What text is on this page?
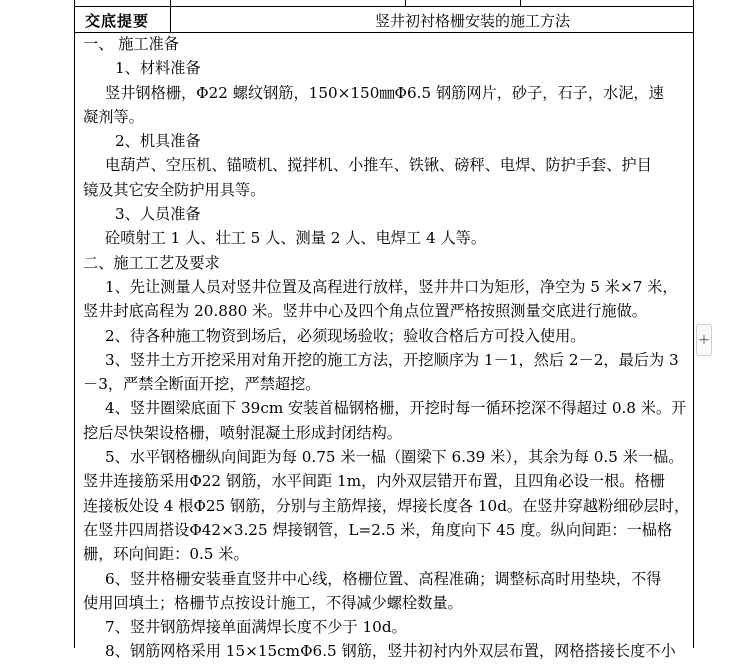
交底提要	竖井初衬格栅安装的施工方法
一、 施工准备
1、材料准备
竖井钢格栅，Φ22 螺纹钢筋，150×150㎜Φ6.5 钢筋网片，砂子，石子，水泥，速
凝剂等。
2、机具准备
电葫芦、空压机、锚喷机、搅拌机、小推车、铁锹、磅秤、电焊、防护手套、护目
镜及其它安全防护用具等。
3、人员准备
砼喷射工 1 人、壮工 5 人、测量 2 人、电焊工 4 人等。
二、施工工艺及要求
1、先让测量人员对竖井位置及高程进行放样，竖井井口为矩形，净空为 5 米×7 米，
竖井封底高程为 20.880 米。竖井中心及四个角点位置严格按照测量交底进行施做。
2、待各种施工物资到场后，必须现场验收；验收合格后方可投入使用。
3、竖井土方开挖采用对角开挖的施工方法，开挖顺序为 1－1，然后 2－2，最后为 3
－3，严禁全断面开挖，严禁超挖。
4、竖井圈梁底面下 39cm 安装首榀钢格栅，开挖时每一循环挖深不得超过 0.8 米。开
挖后尽快架设格栅，喷射混凝土形成封闭结构。
5、水平钢格栅纵向间距为每 0.75 米一榀（圈梁下 6.39 米），其余为每 0.5 米一榀。
竖井连接筋采用Φ22 钢筋，水平间距 1m，内外双层错开布置，且四角必设一根。格栅
连接板处设 4 根Φ25 钢筋，分别与主筋焊接，焊接长度各 10d。在竖井穿越粉细砂层时，
在竖井四周搭设Φ42×3.25 焊接钢管，L=2.5 米，角度向下 45 度。纵向间距：一榀格
栅，环向间距：0.5 米。
6、竖井格栅安装垂直竖井中心线，格栅位置、高程准确；调整标高时用垫块，不得
使用回填土；格栅节点按设计施工，不得减少螺栓数量。
7、竖井钢筋焊接单面满焊长度不少于 10d。
8、钢筋网格采用 15×15cmΦ6.5 钢筋，竖井初衬内外双层布置，网格搭接长度不小
+
